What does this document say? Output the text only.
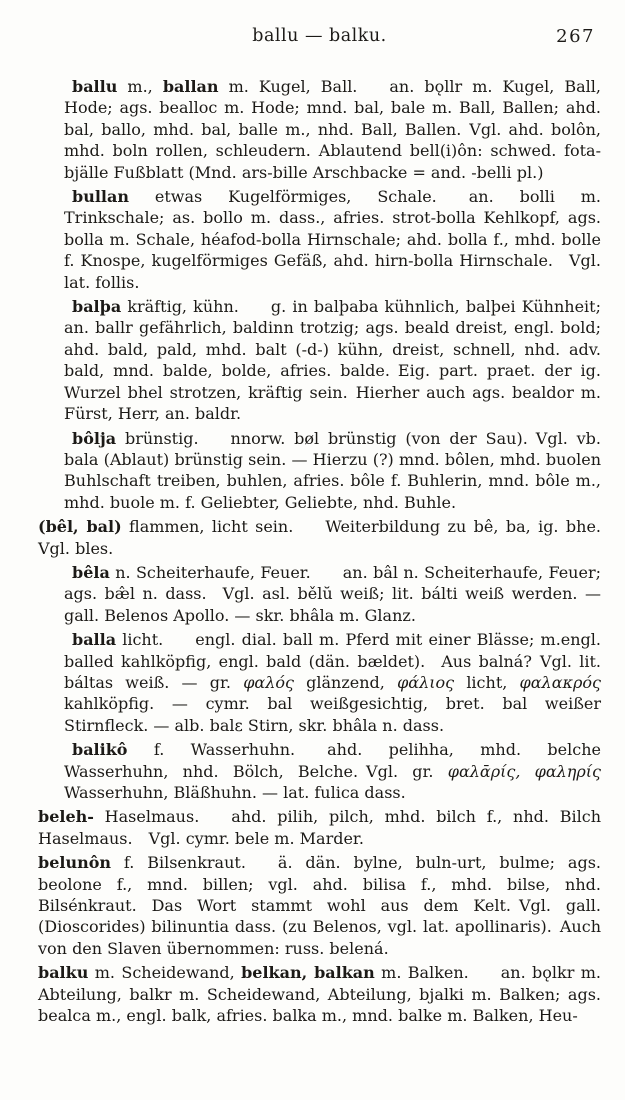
ballu — balku.	267

ballu m., ballan m. Kugel, Ball.  an. bǫllr m. Kugel, Ball, Hode; ags. bealloc m. Hode; mnd. bal, bale m. Ball, Ballen; ahd. bal, ballo, mhd. bal, balle m., nhd. Ball, Ballen. Vgl. ahd. bolôn, mhd. boln rollen, schleudern. Ablautend bell(i)ôn: schwed. fota-bjälle Fußblatt (Mnd. ars-bille Arschbacke = and. -belli pl.)

bullan etwas Kugelförmiges, Schale.  an. bolli m. Trinkschale; as. bollo m. dass., afries. strot-bolla Kehlkopf, ags. bolla m. Schale, héafod-bolla Hirnschale; ahd. bolla f., mhd. bolle f. Knospe, kugelförmiges Gefäß, ahd. hirn-bolla Hirnschale. Vgl. lat. follis.

balþa kräftig, kühn.  g. in balþaba kühnlich, balþei Kühnheit; an. ballr gefährlich, baldinn trotzig; ags. beald dreist, engl. bold; ahd. bald, pald, mhd. balt (-d-) kühn, dreist, schnell, nhd. adv. bald, mnd. balde, bolde, afries. balde. Eig. part. praet. der ig. Wurzel bhel strotzen, kräftig sein. Hierher auch ags. bealdor m. Fürst, Herr, an. baldr.

bôlja brünstig.  nnorw. bøl brünstig (von der Sau). Vgl. vb. bala (Ablaut) brünstig sein. — Hierzu (?) mnd. bôlen, mhd. buolen Buhlschaft treiben, buhlen, afries. bôle f. Buhlerin, mnd. bôle m., mhd. buole m. f. Geliebter, Geliebte, nhd. Buhle.

(bêl, bal) flammen, licht sein.  Weiterbildung zu bê, ba, ig. bhe. Vgl. bles.

bêla n. Scheiterhaufe, Feuer.  an. bâl n. Scheiterhaufe, Feuer; ags. bæ̂l n. dass. Vgl. asl. bělŭ weiß; lit. bálti weiß werden. — gall. Belenos Apollo. — skr. bhâla m. Glanz.

balla licht.  engl. dial. ball m. Pferd mit einer Blässe; m.engl. balled kahlköpfig, engl. bald (dän. bældet). Aus balná? Vgl. lit. báltas weiß. — gr. φαλός glänzend, φάλιος licht, φαλακρός kahlköpfig. — cymr. bal weißgesichtig, bret. bal weißer Stirnfleck. — alb. balε Stirn, skr. bhâla n. dass.

balikô f. Wasserhuhn.  ahd. pelihha, mhd. belche Wasserhuhn, nhd. Bölch, Belche. Vgl. gr. φαλᾱρίς, φαληρίς Wasserhuhn, Bläßhuhn. — lat. fulica dass.

beleh- Haselmaus.  ahd. pilih, pilch, mhd. bilch f., nhd. Bilch Haselmaus. Vgl. cymr. bele m. Marder.

belunôn f. Bilsenkraut.  ä. dän. bylne, buln-urt, bulme; ags. beolone f., mnd. billen; vgl. ahd. bilisa f., mhd. bilse, nhd. Bilsénkraut. Das Wort stammt wohl aus dem Kelt. Vgl. gall. (Dioscorides) bilinuntia dass. (zu Belenos, vgl. lat. apollinaris). Auch von den Slaven übernommen: russ. belená.

balku m. Scheidewand, belkan, balkan m. Balken.  an. bǫlkr m. Abteilung, balkr m. Scheidewand, Abteilung, bjalki m. Balken; ags. bealca m., engl. balk, afries. balka m., mnd. balke m. Balken, Heu-
